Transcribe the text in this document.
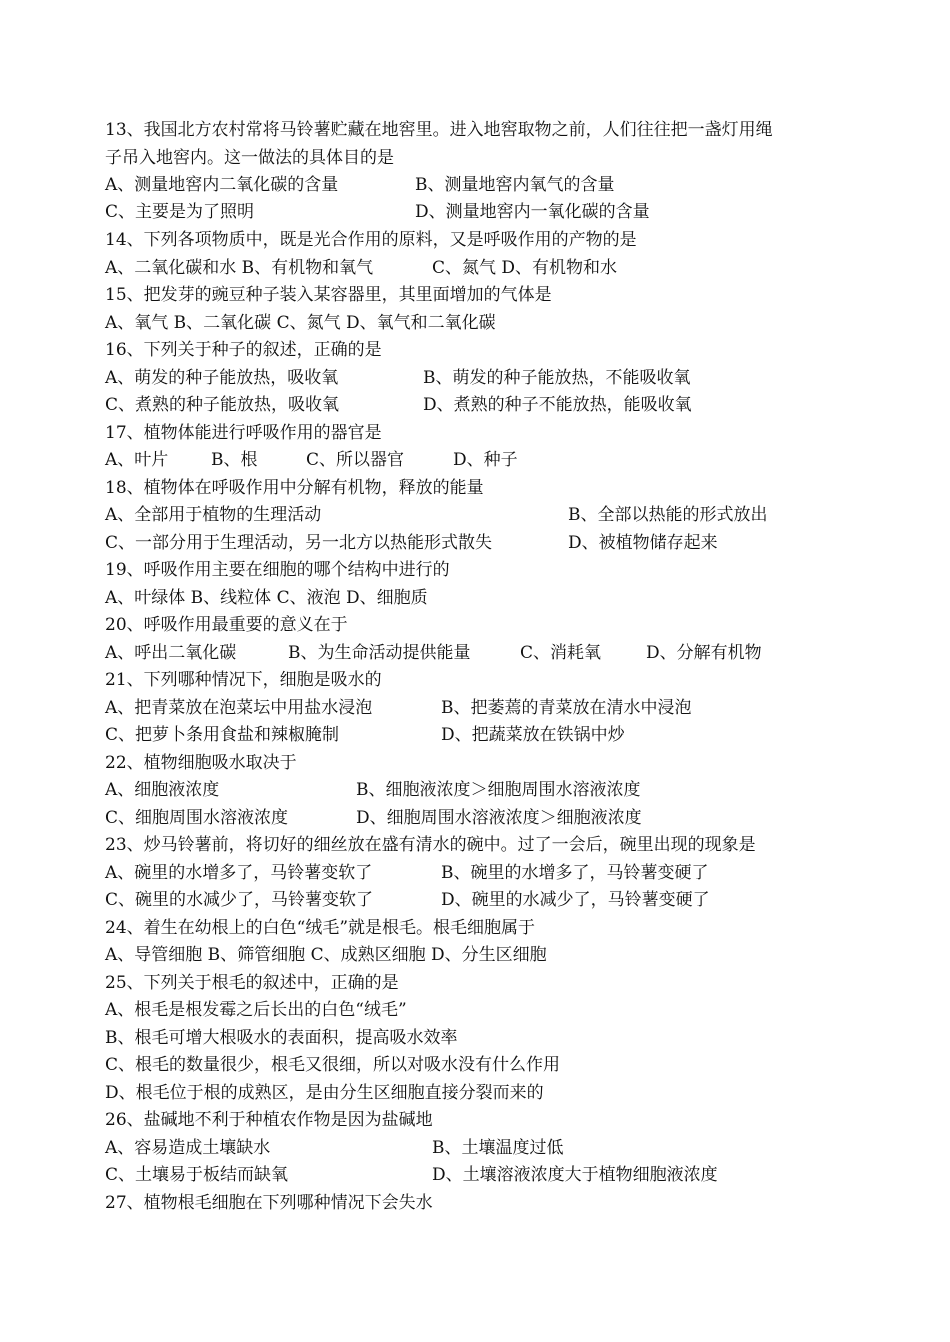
13、我国北方农村常将马铃薯贮藏在地窖里。进入地窖取物之前，人们往往把一盏灯用绳
子吊入地窖内。这一做法的具体目的是
A、测量地窖内二氧化碳的含量	B、测量地窖内氧气的含量
C、主要是为了照明	D、测量地窖内一氧化碳的含量
14、下列各项物质中，既是光合作用的原料，又是呼吸作用的产物的是
A、二氧化碳和水 B、有机物和氧气	C、氮气 D、有机物和水
15、把发芽的豌豆种子装入某容器里，其里面增加的气体是
A、氧气 B、二氧化碳 C、氮气 D、氧气和二氧化碳
16、下列关于种子的叙述，正确的是
A、萌发的种子能放热，吸收氧	B、萌发的种子能放热，不能吸收氧
C、煮熟的种子能放热，吸收氧	D、煮熟的种子不能放热，能吸收氧
17、植物体能进行呼吸作用的器官是
A、叶片	B、根	C、所以器官	D、种子
18、植物体在呼吸作用中分解有机物，释放的能量
A、全部用于植物的生理活动	B、全部以热能的形式放出
C、一部分用于生理活动，另一北方以热能形式散失	D、被植物储存起来
19、呼吸作用主要在细胞的哪个结构中进行的
A、叶绿体 B、线粒体 C、液泡 D、细胞质
20、呼吸作用最重要的意义在于
A、呼出二氧化碳	B、为生命活动提供能量	C、消耗氧	D、分解有机物
21、下列哪种情况下，细胞是吸水的
A、把青菜放在泡菜坛中用盐水浸泡	B、把萎蔫的青菜放在清水中浸泡
C、把萝卜条用食盐和辣椒腌制	D、把蔬菜放在铁锅中炒
22、植物细胞吸水取决于
A、细胞液浓度	B、细胞液浓度＞细胞周围水溶液浓度
C、细胞周围水溶液浓度	D、细胞周围水溶液浓度＞细胞液浓度
23、炒马铃薯前，将切好的细丝放在盛有清水的碗中。过了一会后，碗里出现的现象是
A、碗里的水增多了，马铃薯变软了	B、碗里的水增多了，马铃薯变硬了
C、碗里的水减少了，马铃薯变软了	D、碗里的水减少了，马铃薯变硬了
24、着生在幼根上的白色“绒毛”就是根毛。根毛细胞属于
A、导管细胞 B、筛管细胞 C、成熟区细胞 D、分生区细胞
25、下列关于根毛的叙述中，正确的是
A、根毛是根发霉之后长出的白色“绒毛”
B、根毛可增大根吸水的表面积，提高吸水效率
C、根毛的数量很少，根毛又很细，所以对吸水没有什么作用
D、根毛位于根的成熟区，是由分生区细胞直接分裂而来的
26、盐碱地不利于种植农作物是因为盐碱地
A、容易造成土壤缺水	B、土壤温度过低
C、土壤易于板结而缺氧	D、土壤溶液浓度大于植物细胞液浓度
27、植物根毛细胞在下列哪种情况下会失水
